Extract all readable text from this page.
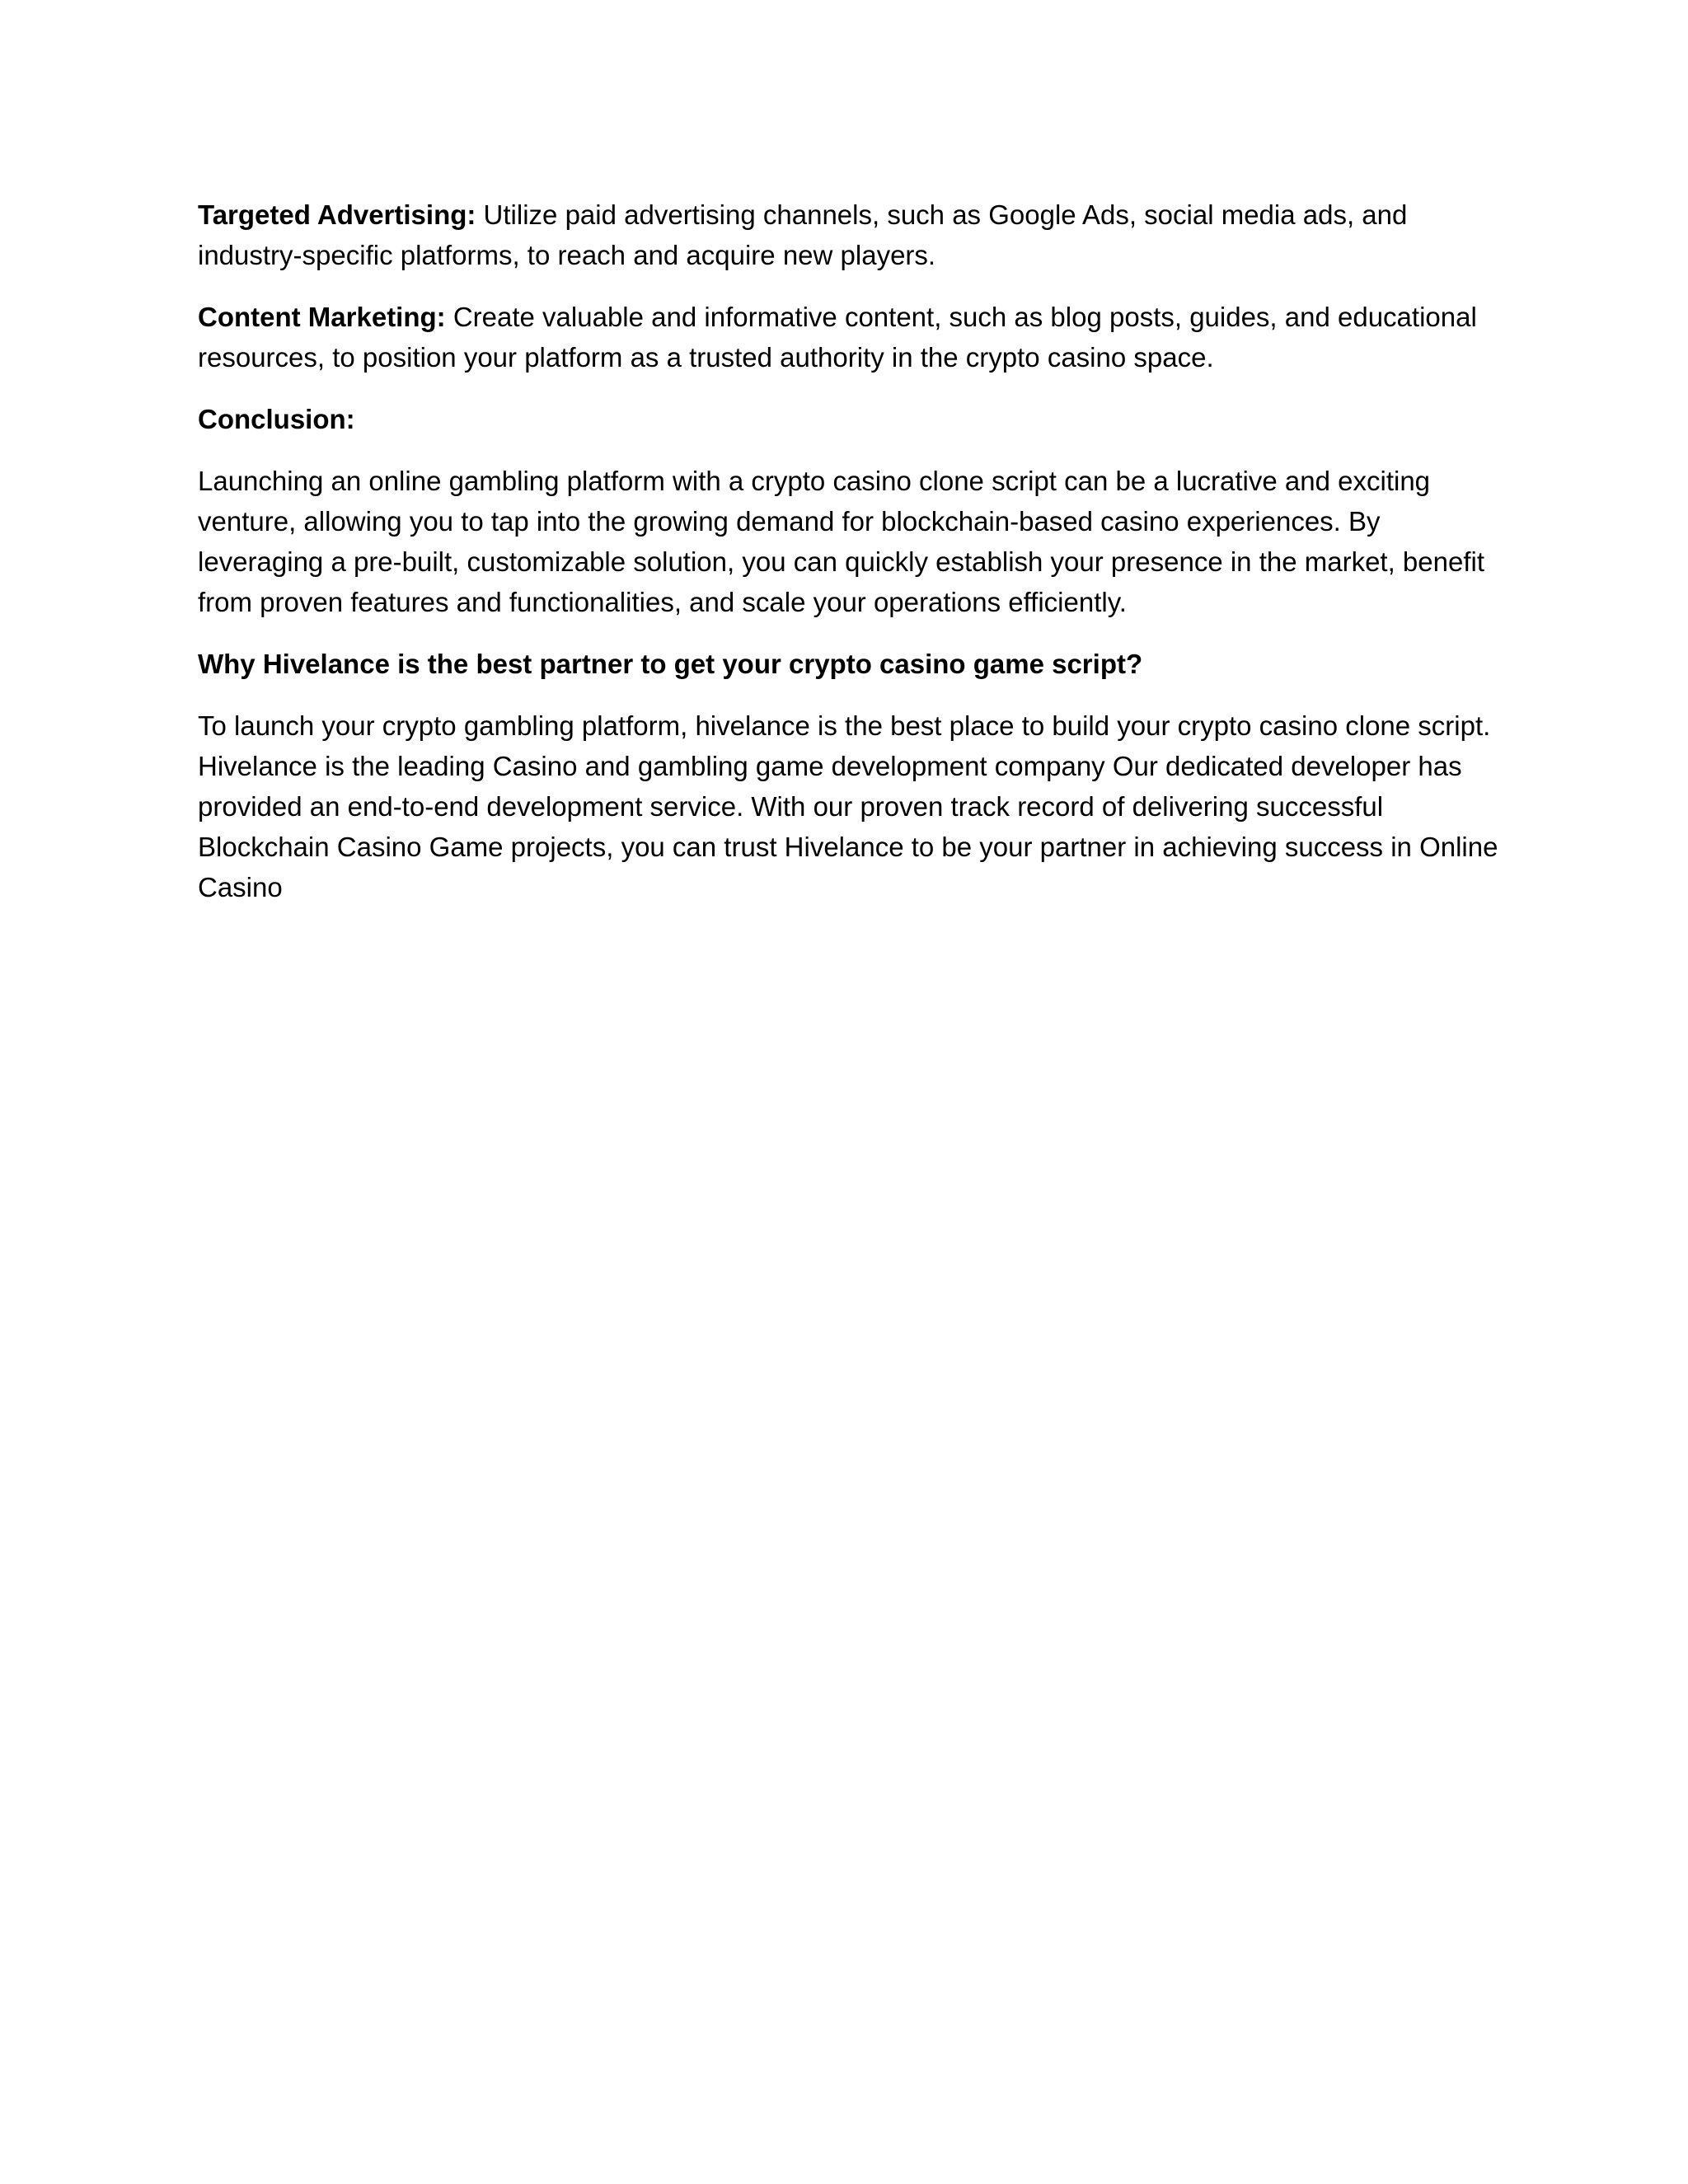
Targeted Advertising: Utilize paid advertising channels, such as Google Ads, social media ads, and industry-specific platforms, to reach and acquire new players.

Content Marketing: Create valuable and informative content, such as blog posts, guides, and educational resources, to position your platform as a trusted authority in the crypto casino space.

Conclusion:

Launching an online gambling platform with a crypto casino clone script can be a lucrative and exciting venture, allowing you to tap into the growing demand for blockchain-based casino experiences. By leveraging a pre-built, customizable solution, you can quickly establish your presence in the market, benefit from proven features and functionalities, and scale your operations efficiently.

Why Hivelance is the best partner to get your crypto casino game script?

To launch your crypto gambling platform, hivelance is the best place to build your crypto casino clone script. Hivelance is the leading Casino and gambling game development company Our dedicated developer has provided an end-to-end development service. With our proven track record of delivering successful Blockchain Casino Game projects, you can trust Hivelance to be your partner in achieving success in Online Casino
